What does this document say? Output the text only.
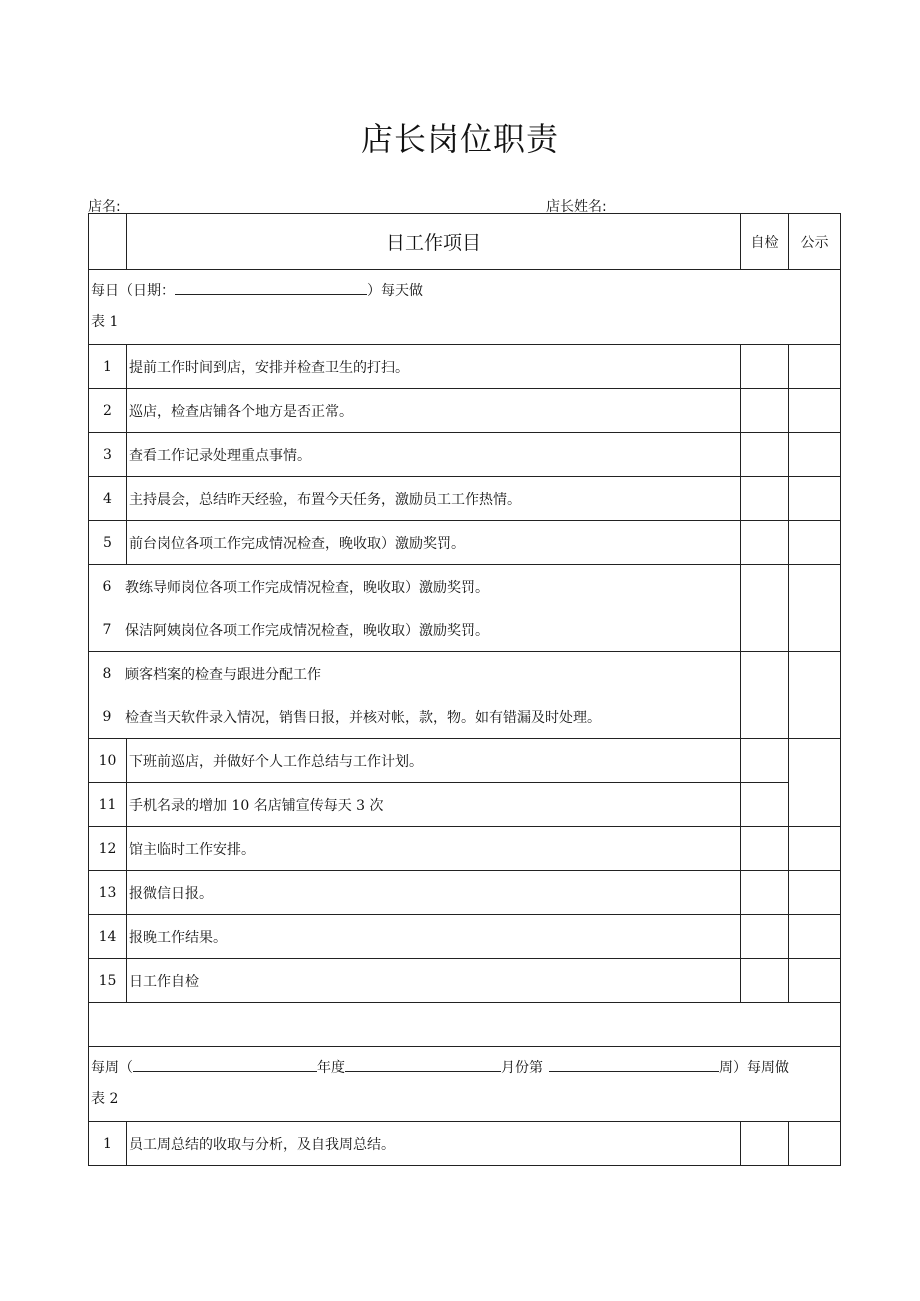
店长岗位职责
店名:	店长姓名:
	日工作项目	自检	公示

每日（日期： ）每天做
表 1			

1	提前工作时间到店，安排并检查卫生的打扫。		
2	巡店，检查店铺各个地方是否正常。		
3	查看工作记录处理重点事情。		
4	主持晨会，总结昨天经验，布置今天任务，激励员工工作热情。		
5	前台岗位各项工作完成情况检查，晚收取）激励奖罚。		

6 教练导师岗位各项工作完成情况检查，晚收取）激励奖罚。
7 保洁阿姨岗位各项工作完成情况检查，晚收取）激励奖罚。			

8 顾客档案的检查与跟进分配工作
9 检查当天软件录入情况，销售日报，并核对帐，款，物。如有错漏及时处理。			

10	下班前巡店，并做好个人工作总结与工作计划。		
11	手机名录的增加 10 名店铺宣传每天 3 次		
12	馆主临时工作安排。		
13	报微信日报。		
14	报晚工作结果。		
15	日工作自检		

每周（ 年度 月份第 周）每周做
表 2			

1	员工周总结的收取与分析，及自我周总结。		
